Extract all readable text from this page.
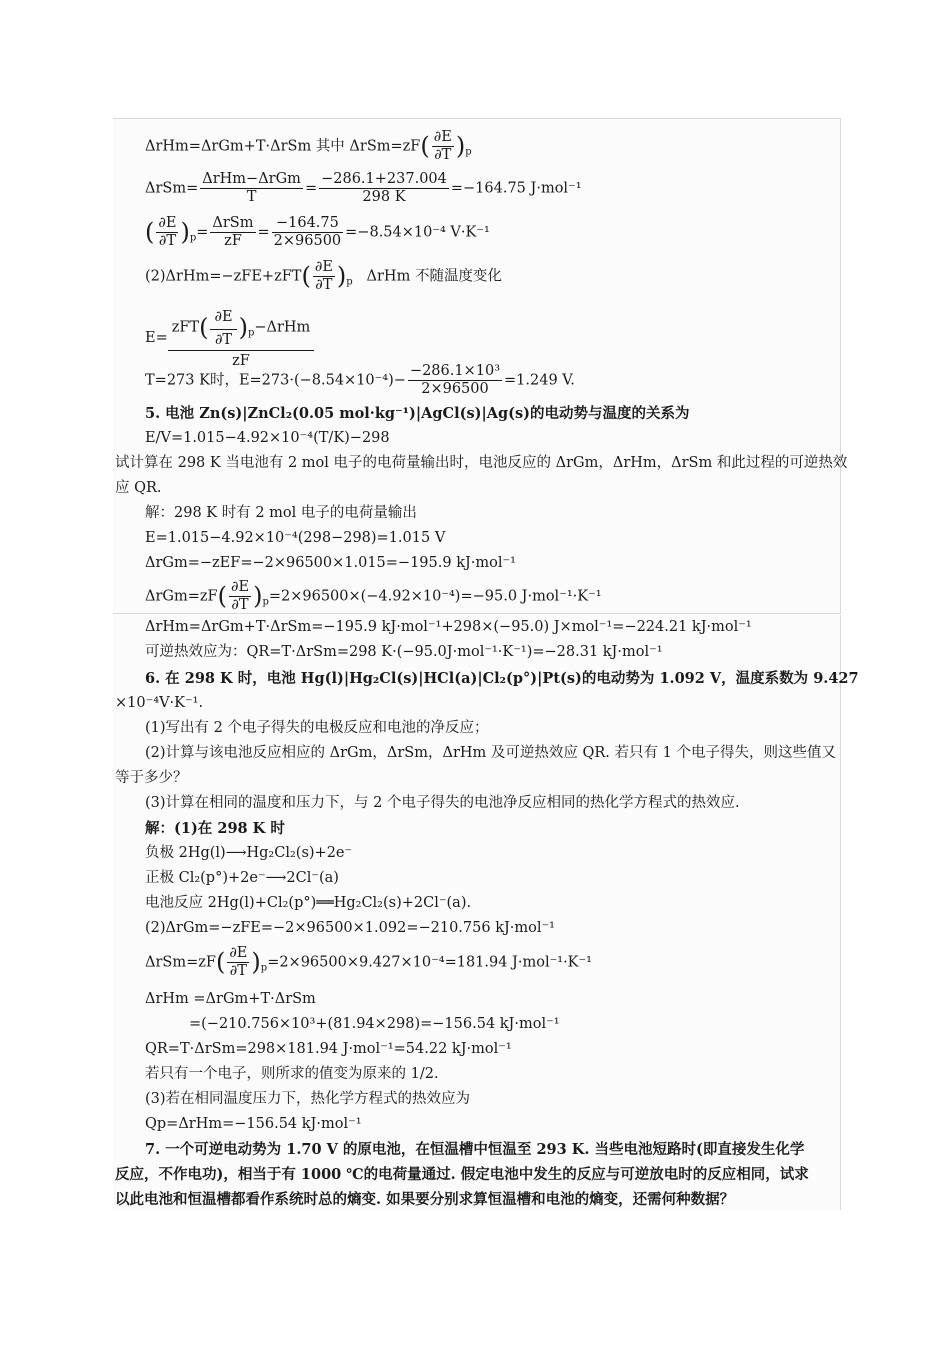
ΔrHm=ΔrGm+T·ΔrSm 其中 $\Delta rSm=zF( \frac{\partial E}{\partial T} )_p$
$\Delta rSm= \frac{\text{ΔrHm−ΔrGm}}{T} = \frac{-286.1+237.004}{298 K} =-164.75$ J·mol⁻¹
( $\frac{\partial E}{\partial T} )_p= \frac{\text{ΔrSm}}{zF} = \frac{-164.75}{2\times 96500} =-8.54\times 10^{-4}$ V·K⁻¹
$(2)\Delta rHm=-zFE+zFT( \frac{\partial E}{\partial T} )_p$ ΔrHm 不随温度变化
$E= \frac{zFT( \frac{\partial E}{\partial T} )_p-\Delta rHm}{zF}$
T=273 K时，$E=273\cdot(-8.54\times 10^{-4})- \frac{\text{−286.1×10³}}{2\times 96500} =1.249$ V.
5. 电池 Zn(s)|ZnCl₂(0.05 mol·kg⁻¹)|AgCl(s)|Ag(s)的电动势与温度的关系为
E/V=1.015−4.92×10⁻⁴(T/K)−298
试计算在 298 K 当电池有 2 mol 电子的电荷量输出时，电池反应的 ΔrGm，ΔrHm，ΔrSm 和此过程的可逆热效
应 QR.
解：298 K 时有 2 mol 电子的电荷量输出
E=1.015−4.92×10⁻⁴(298−298)=1.015 V
ΔrGm=−zEF=−2×96500×1.015=−195.9 kJ·mol⁻¹
$\Delta rGm=zF( \frac{\partial E}{\partial T} )_p=2\times 96500\times(-4.92\times 10^{-4})=-95.0$ J·mol⁻¹·K⁻¹
ΔrHm=ΔrGm+T·ΔrSm=−195.9 kJ·mol⁻¹+298×(−95.0) J×mol⁻¹=−224.21 kJ·mol⁻¹
可逆热效应为：QR=T·ΔrSm=298 K·(−95.0J·mol⁻¹·K⁻¹)=−28.31 kJ·mol⁻¹
6. 在 298 K 时，电池 Hg(l)|Hg₂Cl(s)|HCl(a)|Cl₂(p°)|Pt(s)的电动势为 1.092 V，温度系数为 9.427
×10⁻⁴V·K⁻¹.
(1)写出有 2 个电子得失的电极反应和电池的净反应；
(2)计算与该电池反应相应的 ΔrGm，ΔrSm，ΔrHm 及可逆热效应 QR. 若只有 1 个电子得失，则这些值又
等于多少？
(3)计算在相同的温度和压力下，与 2 个电子得失的电池净反应相同的热化学方程式的热效应.
解：(1)在 298 K 时
负极 2Hg(l)⟶Hg₂Cl₂(s)+2e⁻
正极 Cl₂(p°)+2e⁻⟶2Cl⁻(a)
电池反应 2Hg(l)+Cl₂(p°)══Hg₂Cl₂(s)+2Cl⁻(a).
(2)ΔrGm=−zFE=−2×96500×1.092=−210.756 kJ·mol⁻¹
$\Delta rSm=zF( \frac{\partial E}{\partial T} )_p=2\times 96500\times 9.427\times 10^{-4}=181.94$ J·mol⁻¹·K⁻¹
ΔrHm =ΔrGm+T·ΔrSm
=(−210.756×10³+(81.94×298)=−156.54 kJ·mol⁻¹
QR=T·ΔrSm=298×181.94 J·mol⁻¹=54.22 kJ·mol⁻¹
若只有一个电子，则所求的值变为原来的 1/2.
(3)若在相同温度压力下，热化学方程式的热效应为
Qp=ΔrHm=−156.54 kJ·mol⁻¹
7. 一个可逆电动势为 1.70 V 的原电池，在恒温槽中恒温至 293 K. 当些电池短路时(即直接发生化学
反应，不作电功)，相当于有 1000 ℃的电荷量通过. 假定电池中发生的反应与可逆放电时的反应相同，试求
以此电池和恒温槽都看作系统时总的熵变. 如果要分别求算恒温槽和电池的熵变，还需何种数据？
